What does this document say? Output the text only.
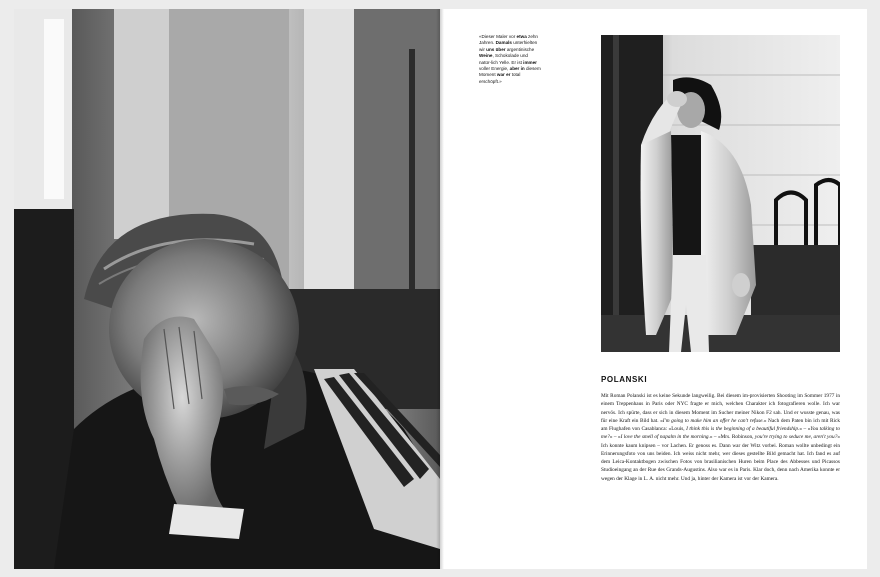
«Dieser Maler vor etwa zehn Jahren. Damals unterhielten wir uns über argentinische Weine, Schokolade und natür-lich Yelle. Er ist immer voller Energie, aber in diesem Moment war er total erschöpft.»
POLANSKI
Mit Roman Polanski ist es keine Sekunde langweilig. Bei diesem im-provisierten Shooting im Sommer 1977 in einem Treppenhaus in Paris oder NYC fragte er mich, welchen Charakter ich fotografieren wolle. Ich war nervös. Ich spürte, dass er sich in diesem Moment im Sucher meiner Nikon F2 sah. Und er wusste genau, was für eine Kraft ein Bild hat. «I'm going to make him an offer he can't refuse.» Nach dem Paten bin ich mit Rick am Flughafen von Casablanca: «Louis, I think this is the beginning of a beautiful friendship.» – «You talking to me?» – «I love the smell of napalm in the morning.» – «Mrs. Robinson, you're trying to seduce me, aren't you?» Ich konnte kaum knipsen – vor Lachen. Er genoss es. Dann war der Witz vorbei. Roman wollte unbedingt ein Erinnerungsfoto von uns beiden. Ich weiss nicht mehr, wer dieses gestellte Bild gemacht hat. Ich fand es auf dem Leica-Kontaktbogen zwischen Fotos von brasilianischen Huren beim Place des Abbesses und Picassos Studioeingang an der Rue des Grands-Augustins. Also war es in Paris. Klar doch, denn nach Amerika konnte er wegen der Klage in L. A. nicht mehr. Und ja, hinter der Kamera ist vor der Kamera.
